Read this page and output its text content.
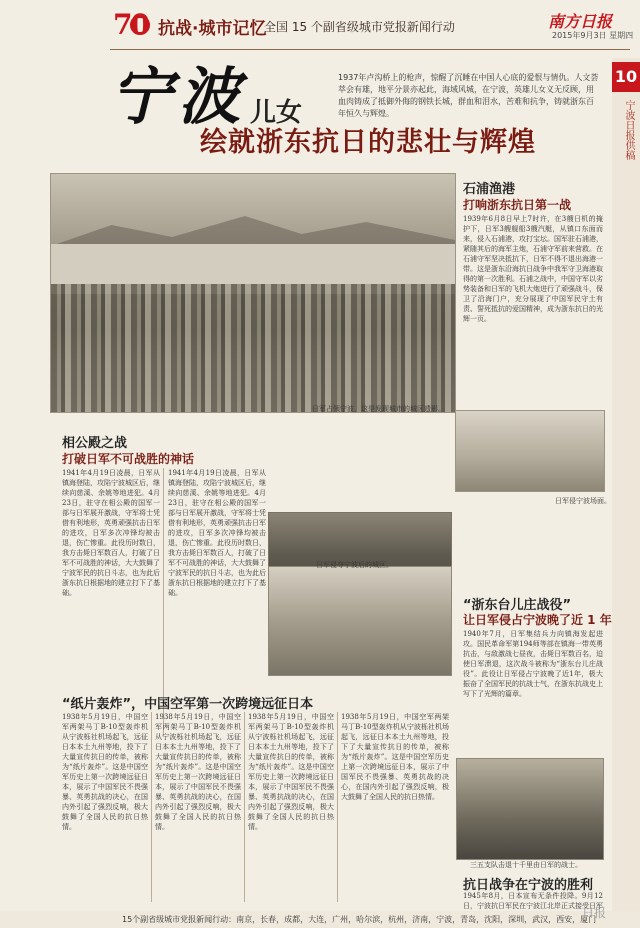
70 抗战·城市记忆
全国 15 个副省级城市党报新闻行动	南方日报
2015年9月3日 星期四
10
宁波日报供稿
宁波 儿女
绘就浙东抗日的悲壮与辉煌
1937年卢沟桥上的枪声，惊醒了沉睡在中国人心底的爱恨与情仇。人文荟萃会有雄，地平分景亦起此，海域风城，在宁波，英雄儿女义无反顾，用血肉铸成了抵御外侮的钢铁长城，群血和泪水，苦难和抗争，铸就浙东百年恒久与辉煌。
日军占领宁波，这是发现城市的城区遗影。
石浦渔港
打响浙东抗日第一战
1939年6月8日早上7时许，在3艘日机的掩护下，日军3艘舰船3艘汽艇，从镇口东面而来，侵入石浦港，攻打宝坛。国军驻石浦港，紧随其后的海军主炮，石浦守军前来营救。在石浦守军坚决抵抗下，日军不得不退出海港一带。这是浙东沿海抗日战争中我军守卫海港取得的第一次胜利。石浦之战中，中国守军以劣势装备和日军的飞机大炮进行了顽强战斗，保卫了沿海门户，充分展现了中国军民守土有责、誓死抵抗的爱国精神，成为浙东抗日的光辉一页。
相公殿之战
打破日军不可战胜的神话
1941年4月19日凌晨，日军从镇海登陆，攻陷宁波城区后，继续向慈溪、余姚等地进犯。4月23日，驻守在相公殿的国军一部与日军展开激战，守军将士凭借有利地形，英勇顽强抗击日军的进攻，日军多次冲锋均被击退，伤亡惨重。此役历时数日，我方击毙日军数百人，打破了日军不可战胜的神话，大大鼓舞了宁波军民的抗日斗志，也为此后浙东抗日根据地的建立打下了基础。
1941年4月19日凌晨，日军从镇海登陆，攻陷宁波城区后，继续向慈溪、余姚等地进犯。4月23日，驻守在相公殿的国军一部与日军展开激战，守军将士凭借有利地形，英勇顽强抗击日军的进攻，日军多次冲锋均被击退，伤亡惨重。此役历时数日，我方击毙日军数百人，打破了日军不可战胜的神话，大大鼓舞了宁波军民的抗日斗志，也为此后浙东抗日根据地的建立打下了基础。
日军侵夺宁波后的城区。
日军侵宁波场面。
“浙东台儿庄战役”
让日军侵占宁波晚了近 1 年
1940年7月，日军集结兵力向镇海发起进攻。国民革命军第194师等部在镇海一带英勇抗击，与敌激战七昼夜，击毙日军数百名，迫使日军溃退，这次战斗被称为“浙东台儿庄战役”。此役让日军侵占宁波晚了近1年，极大振奋了全国军民的抗战士气，在浙东抗战史上写下了光辉的篇章。
“纸片轰炸”，中国空军第一次跨境远征日本
1938年5月19日，中国空军两架马丁B-10型轰炸机从宁波栎社机场起飞，远征日本本土九州等地，投下了大量宣传抗日的传单，被称为“纸片轰炸”。这是中国空军历史上第一次跨境远征日本，展示了中国军民不畏强暴、英勇抗战的决心，在国内外引起了强烈反响，极大鼓舞了全国人民的抗日热情。
1938年5月19日，中国空军两架马丁B-10型轰炸机从宁波栎社机场起飞，远征日本本土九州等地，投下了大量宣传抗日的传单，被称为“纸片轰炸”。这是中国空军历史上第一次跨境远征日本，展示了中国军民不畏强暴、英勇抗战的决心，在国内外引起了强烈反响，极大鼓舞了全国人民的抗日热情。
1938年5月19日，中国空军两架马丁B-10型轰炸机从宁波栎社机场起飞，远征日本本土九州等地，投下了大量宣传抗日的传单，被称为“纸片轰炸”。这是中国空军历史上第一次跨境远征日本，展示了中国军民不畏强暴、英勇抗战的决心，在国内外引起了强烈反响，极大鼓舞了全国人民的抗日热情。
1938年5月19日，中国空军两架马丁B-10型轰炸机从宁波栎社机场起飞，远征日本本土九州等地，投下了大量宣传抗日的传单，被称为“纸片轰炸”。这是中国空军历史上第一次跨境远征日本，展示了中国军民不畏强暴、英勇抗战的决心，在国内外引起了强烈反响，极大鼓舞了全国人民的抗日热情。
三五支队击退十千里由日军的战士。
抗日战争在宁波的胜利
1945年8月，日本宣布无条件投降。9月12日，宁波抗日军民在宁波江北岸正式接受日军
15个副省级城市党报新闻行动：南京，长春，成都，大连，广州，哈尔滨，杭州，济南，宁波，青岛，沈阳，深圳，武汉，西安，厦门
日报
